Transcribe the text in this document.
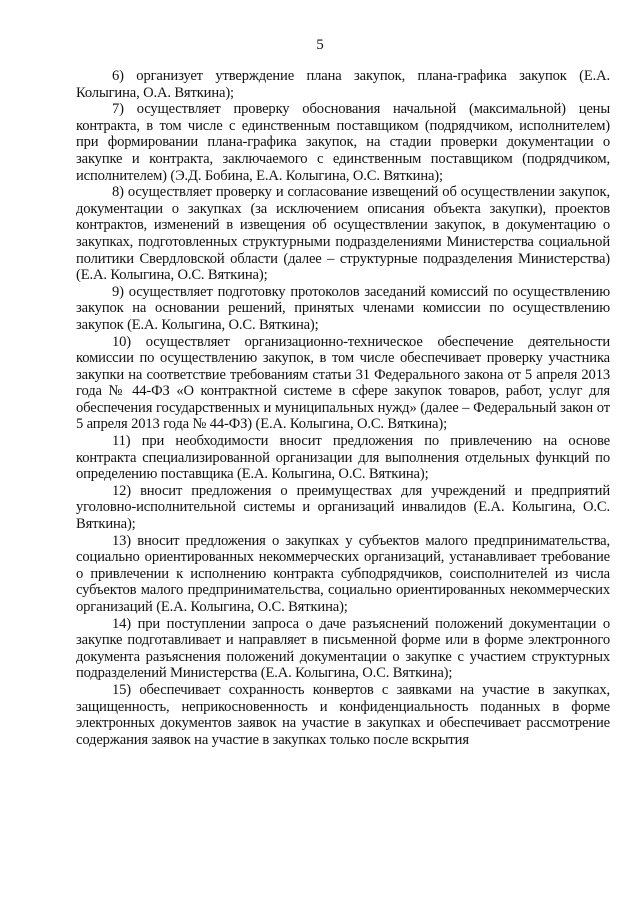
5

6) организует утверждение плана закупок, плана-графика закупок (Е.А. Колыгина, О.А. Вяткина);

7) осуществляет проверку обоснования начальной (максимальной) цены контракта, в том числе с единственным поставщиком (подрядчиком, исполнителем) при формировании плана-графика закупок, на стадии проверки документации о закупке и контракта, заключаемого с единственным поставщиком (подрядчиком, исполнителем) (Э.Д. Бобина, Е.А. Колыгина, О.С. Вяткина);

8) осуществляет проверку и согласование извещений об осуществлении закупок, документации о закупках (за исключением описания объекта закупки), проектов контрактов, изменений в извещения об осуществлении закупок, в документацию о закупках, подготовленных структурными подразделениями Министерства социальной политики Свердловской области (далее – структурные подразделения Министерства) (Е.А. Колыгина, О.С. Вяткина);

9) осуществляет подготовку протоколов заседаний комиссий по осуществлению закупок на основании решений, принятых членами комиссии по осуществлению закупок (Е.А. Колыгина, О.С. Вяткина);

10) осуществляет организационно-техническое обеспечение деятельности комиссии по осуществлению закупок, в том числе обеспечивает проверку участника закупки на соответствие требованиям статьи 31 Федерального закона от 5 апреля 2013 года № 44-ФЗ «О контрактной системе в сфере закупок товаров, работ, услуг для обеспечения государственных и муниципальных нужд» (далее – Федеральный закон от 5 апреля 2013 года № 44-ФЗ) (Е.А. Колыгина, О.С. Вяткина);

11) при необходимости вносит предложения по привлечению на основе контракта специализированной организации для выполнения отдельных функций по определению поставщика (Е.А. Колыгина, О.С. Вяткина);

12) вносит предложения о преимуществах для учреждений и предприятий уголовно-исполнительной системы и организаций инвалидов (Е.А. Колыгина, О.С. Вяткина);

13) вносит предложения о закупках у субъектов малого предпринимательства, социально ориентированных некоммерческих организаций, устанавливает требование о привлечении к исполнению контракта субподрядчиков, соисполнителей из числа субъектов малого предпринимательства, социально ориентированных некоммерческих организаций (Е.А. Колыгина, О.С. Вяткина);

14) при поступлении запроса о даче разъяснений положений документации о закупке подготавливает и направляет в письменной форме или в форме электронного документа разъяснения положений документации о закупке с участием структурных подразделений Министерства (Е.А. Колыгина, О.С. Вяткина);

15) обеспечивает сохранность конвертов с заявками на участие в закупках, защищенность, неприкосновенность и конфиденциальность поданных в форме электронных документов заявок на участие в закупках и обеспечивает рассмотрение содержания заявок на участие в закупках только после вскрытия
